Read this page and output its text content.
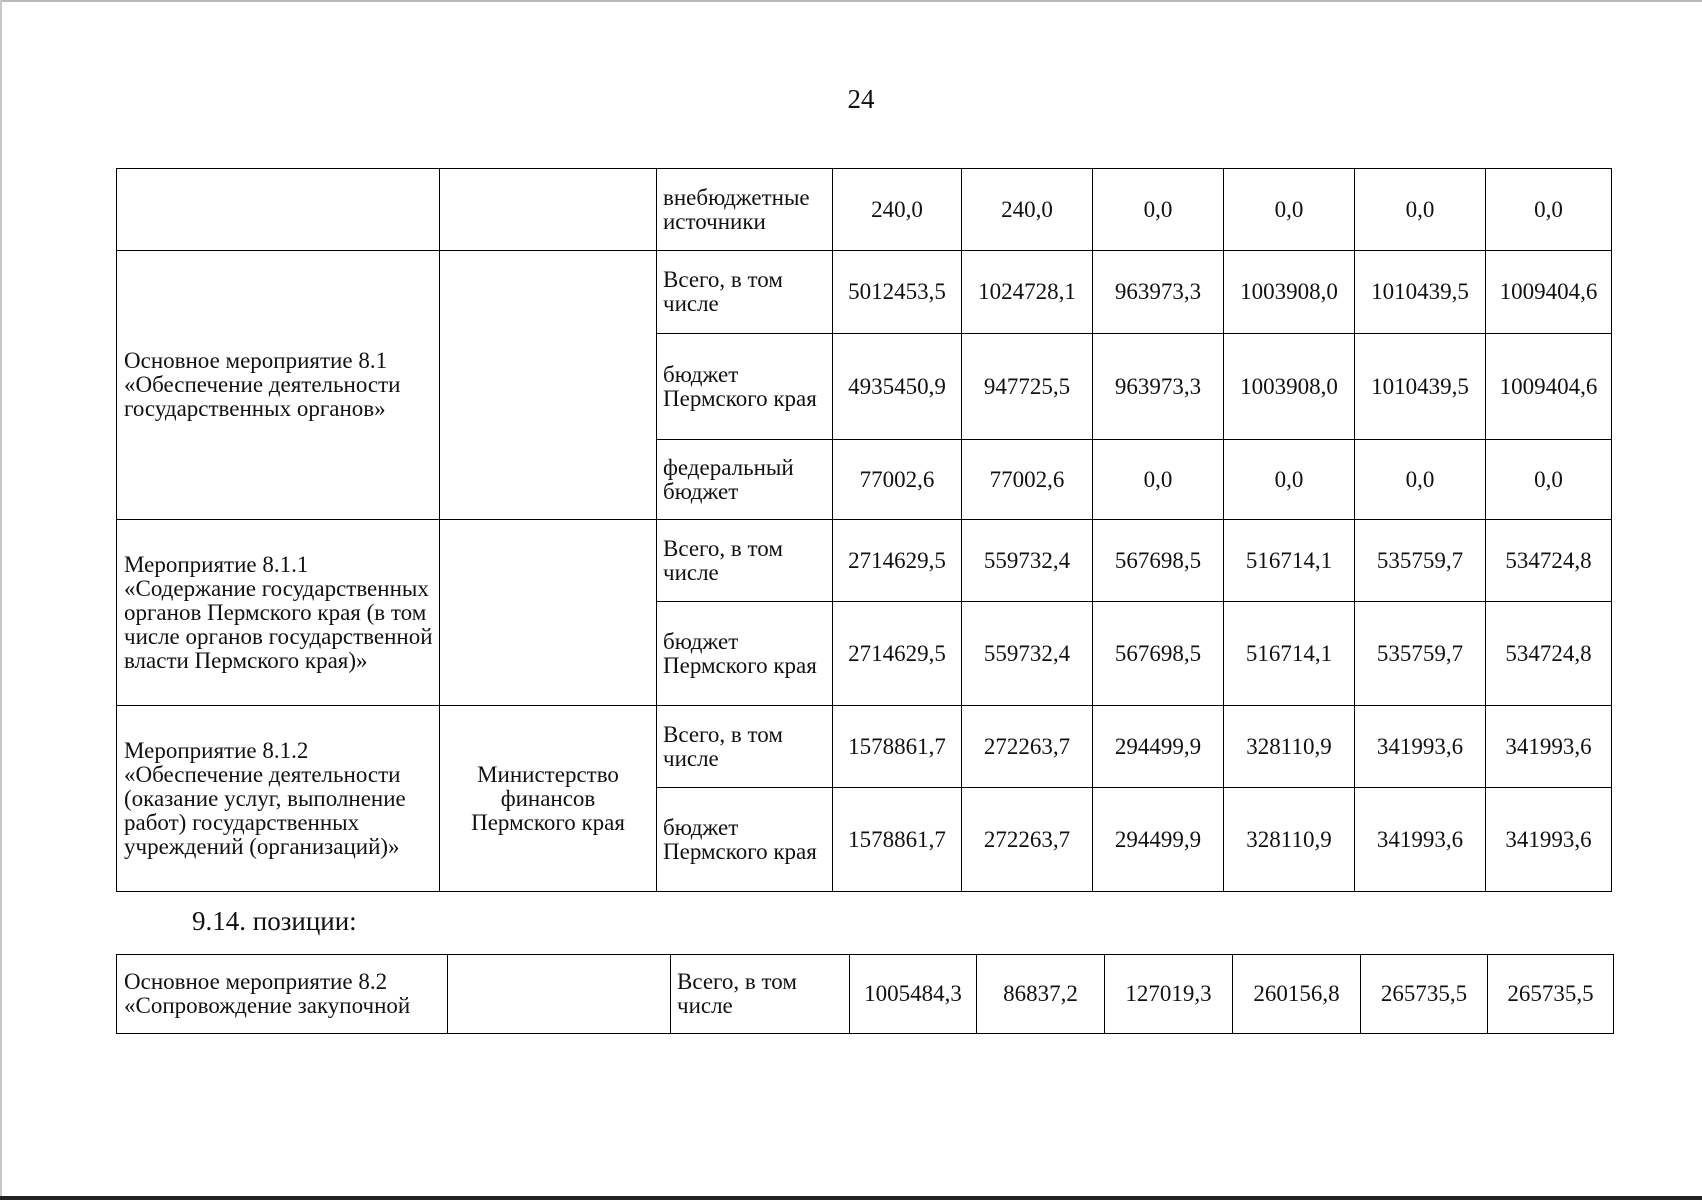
24
		внебюджетные источники	240,0	240,0	0,0	0,0	0,0	0,0
Основное мероприятие 8.1 «Обеспечение деятельности государственных органов»		Всего, в том числе	5012453,5	1024728,1	963973,3	1003908,0	1010439,5	1009404,6
		бюджет Пермского края	4935450,9	947725,5	963973,3	1003908,0	1010439,5	1009404,6
		федеральный бюджет	77002,6	77002,6	0,0	0,0	0,0	0,0
Мероприятие 8.1.1 «Содержание государственных органов Пермского края (в том числе органов государственной власти Пермского края)»		Всего, в том числе	2714629,5	559732,4	567698,5	516714,1	535759,7	534724,8
		бюджет Пермского края	2714629,5	559732,4	567698,5	516714,1	535759,7	534724,8
Мероприятие 8.1.2 «Обеспечение деятельности (оказание услуг, выполнение работ) государственных учреждений (организаций)»	Министерство финансов Пермского края	Всего, в том числе	1578861,7	272263,7	294499,9	328110,9	341993,6	341993,6
		бюджет Пермского края	1578861,7	272263,7	294499,9	328110,9	341993,6	341993,6
9.14. позиции:
Основное мероприятие 8.2 «Сопровождение закупочной		Всего, в том числе	1005484,3	86837,2	127019,3	260156,8	265735,5	265735,5
